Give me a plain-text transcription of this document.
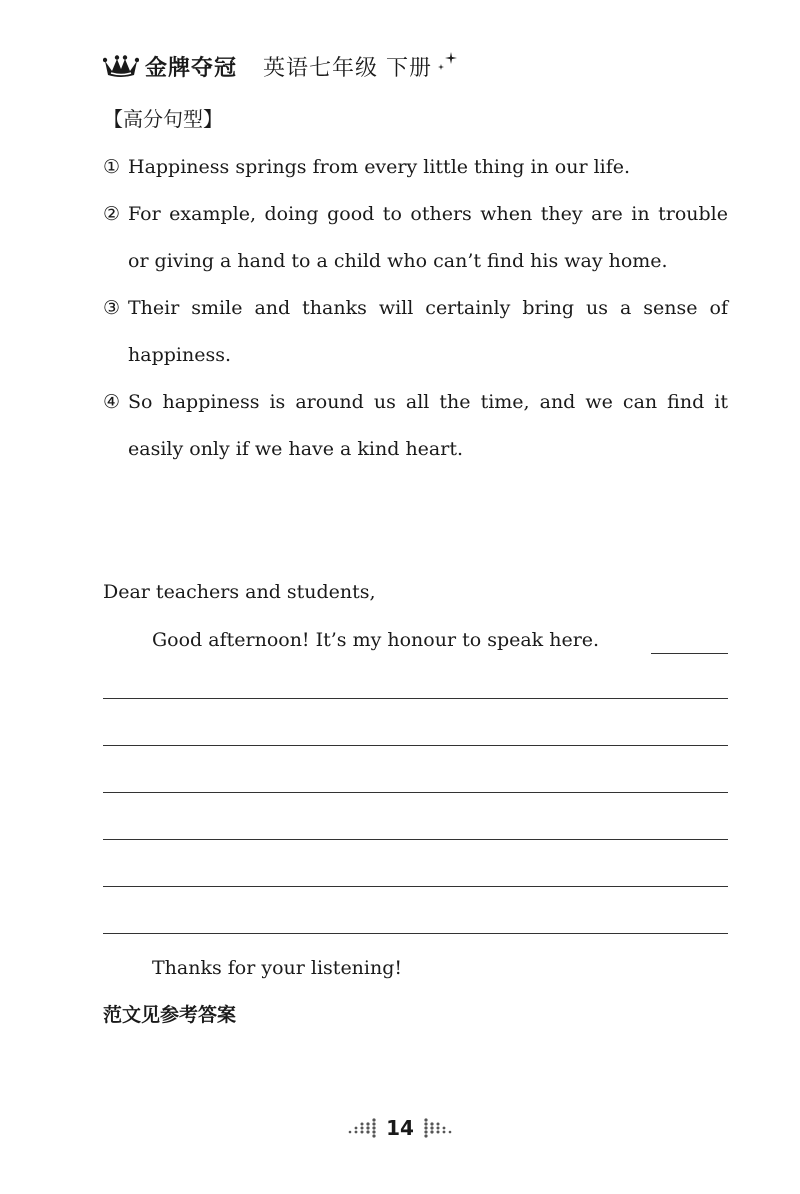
金牌夺冠 英语七年级 下册
【高分句型】
① Happiness springs from every little thing in our life.
② For example, doing good to others when they are in trouble or giving a hand to a child who can’t find his way home.
③ Their smile and thanks will certainly bring us a sense of happiness.
④ So happiness is around us all the time, and we can find it easily only if we have a kind heart.
Dear teachers and students,
Good afternoon! It’s my honour to speak here.
Thanks for your listening!
范文见参考答案
14
